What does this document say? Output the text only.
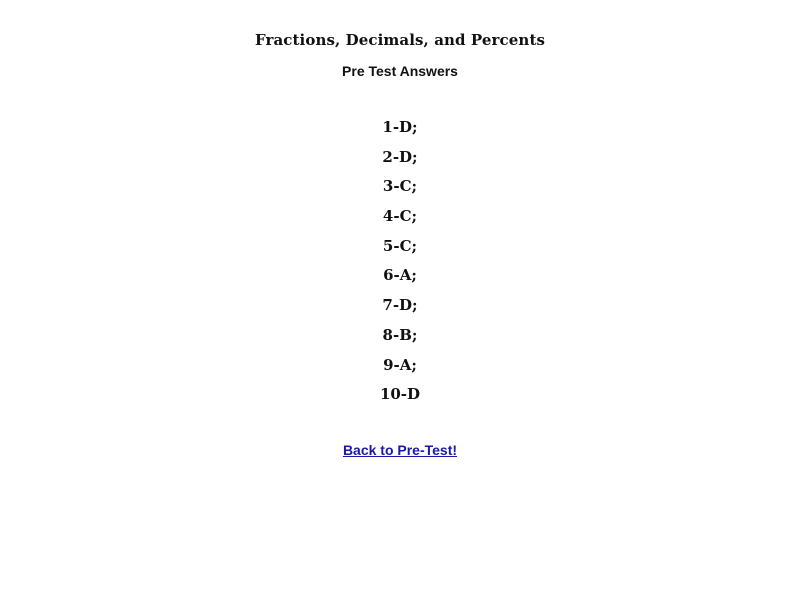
Fractions, Decimals, and Percents
Pre Test Answers
1-D;
2-D;
3-C;
4-C;
5-C;
6-A;
7-D;
8-B;
9-A;
10-D
Back to Pre-Test!
